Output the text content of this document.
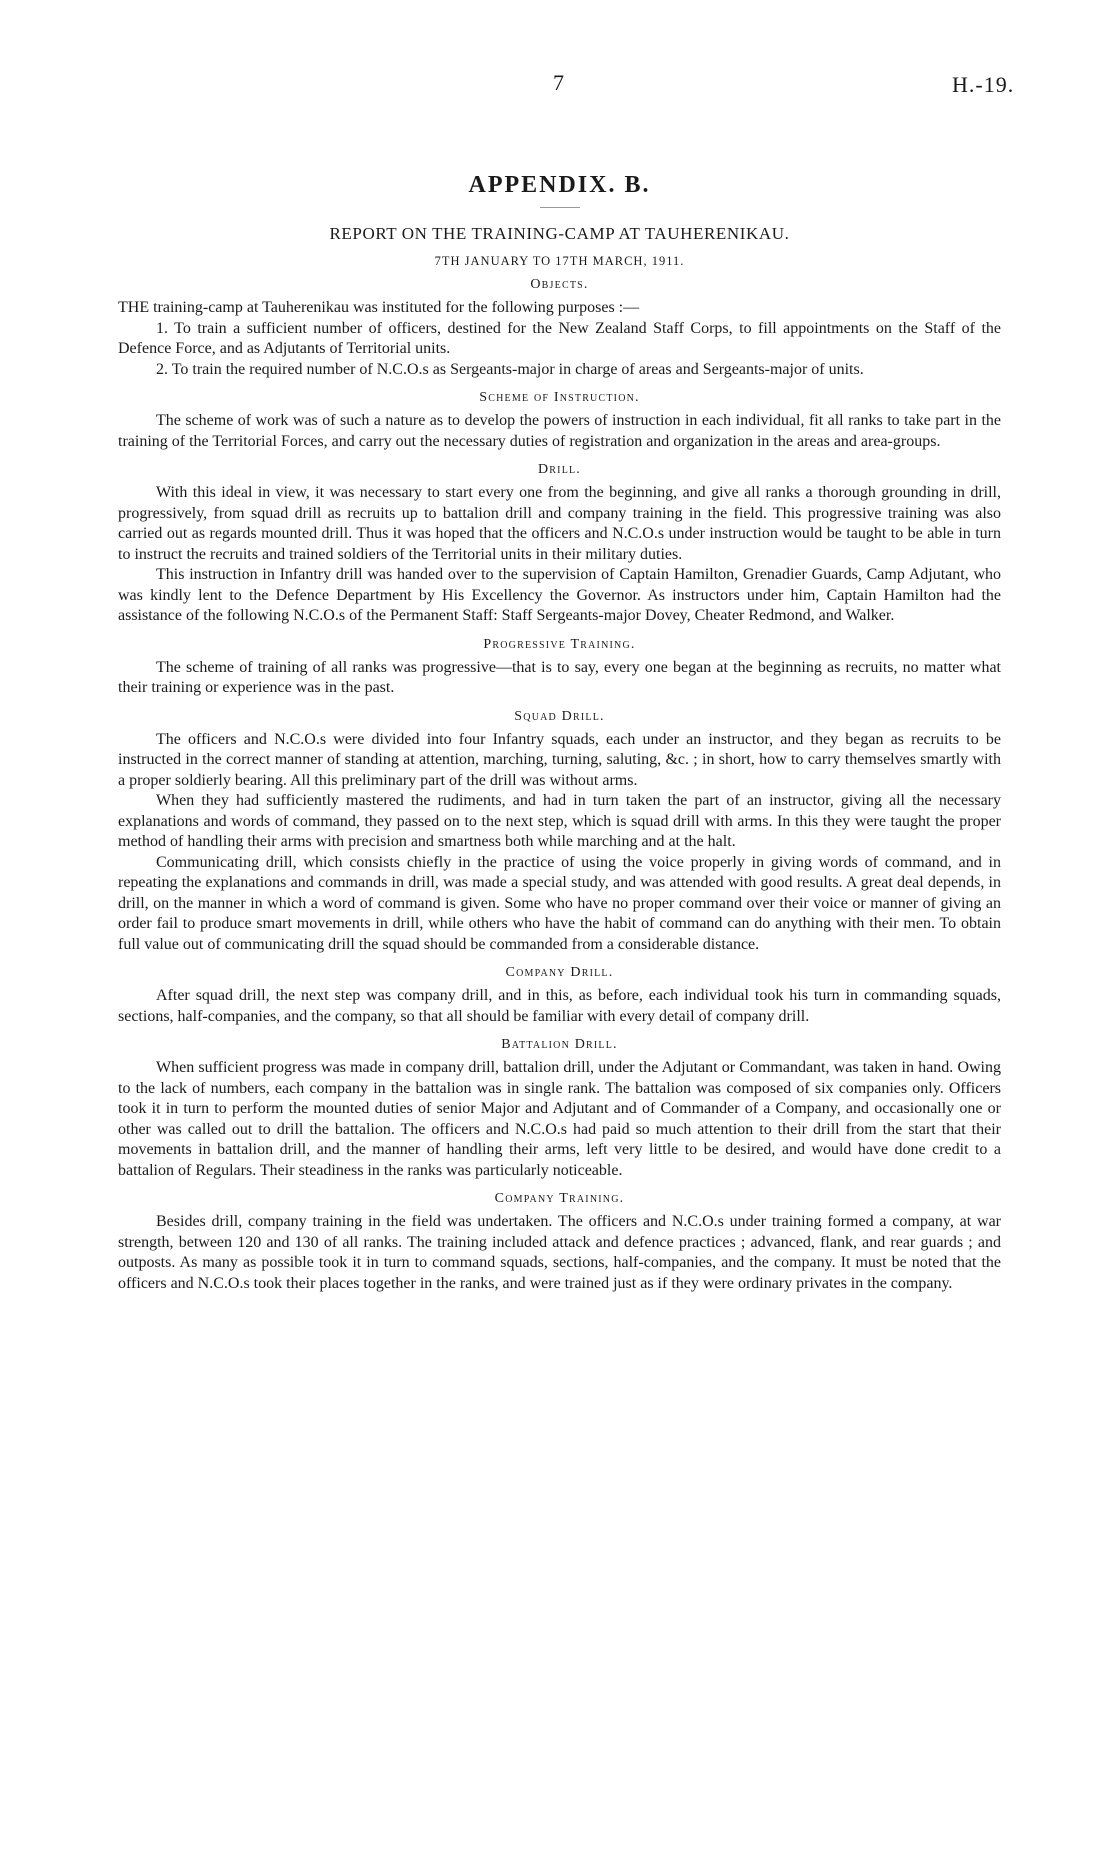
7	H.-19.
APPENDIX. B.
REPORT ON THE TRAINING-CAMP AT TAUHERENIKAU.
7TH JANUARY TO 17TH MARCH, 1911.
Objects.

THE training-camp at Tauherenikau was instituted for the following purposes :—

1. To train a sufficient number of officers, destined for the New Zealand Staff Corps, to fill appointments on the Staff of the Defence Force, and as Adjutants of Territorial units.

2. To train the required number of N.C.O.s as Sergeants-major in charge of areas and Sergeants-major of units.

Scheme of Instruction.

The scheme of work was of such a nature as to develop the powers of instruction in each individual, fit all ranks to take part in the training of the Territorial Forces, and carry out the necessary duties of registration and organization in the areas and area-groups.

Drill.

With this ideal in view, it was necessary to start every one from the beginning, and give all ranks a thorough grounding in drill, progressively, from squad drill as recruits up to battalion drill and company training in the field. This progressive training was also carried out as regards mounted drill. Thus it was hoped that the officers and N.C.O.s under instruction would be taught to be able in turn to instruct the recruits and trained soldiers of the Territorial units in their military duties.

This instruction in Infantry drill was handed over to the supervision of Captain Hamilton, Grenadier Guards, Camp Adjutant, who was kindly lent to the Defence Department by His Excellency the Governor. As instructors under him, Captain Hamilton had the assistance of the following N.C.O.s of the Permanent Staff: Staff Sergeants-major Dovey, Cheater Redmond, and Walker.

Progressive Training.

The scheme of training of all ranks was progressive—that is to say, every one began at the beginning as recruits, no matter what their training or experience was in the past.

Squad Drill.

The officers and N.C.O.s were divided into four Infantry squads, each under an instructor, and they began as recruits to be instructed in the correct manner of standing at attention, marching, turning, saluting, &c. ; in short, how to carry themselves smartly with a proper soldierly bearing. All this preliminary part of the drill was without arms.

When they had sufficiently mastered the rudiments, and had in turn taken the part of an instructor, giving all the necessary explanations and words of command, they passed on to the next step, which is squad drill with arms. In this they were taught the proper method of handling their arms with precision and smartness both while marching and at the halt.

Communicating drill, which consists chiefly in the practice of using the voice properly in giving words of command, and in repeating the explanations and commands in drill, was made a special study, and was attended with good results. A great deal depends, in drill, on the manner in which a word of command is given. Some who have no proper command over their voice or manner of giving an order fail to produce smart movements in drill, while others who have the habit of command can do anything with their men. To obtain full value out of communicating drill the squad should be commanded from a considerable distance.

Company Drill.

After squad drill, the next step was company drill, and in this, as before, each individual took his turn in commanding squads, sections, half-companies, and the company, so that all should be familiar with every detail of company drill.

Battalion Drill.

When sufficient progress was made in company drill, battalion drill, under the Adjutant or Commandant, was taken in hand. Owing to the lack of numbers, each company in the battalion was in single rank. The battalion was composed of six companies only. Officers took it in turn to perform the mounted duties of senior Major and Adjutant and of Commander of a Company, and occasionally one or other was called out to drill the battalion. The officers and N.C.O.s had paid so much attention to their drill from the start that their movements in battalion drill, and the manner of handling their arms, left very little to be desired, and would have done credit to a battalion of Regulars. Their steadiness in the ranks was particularly noticeable.

Company Training.

Besides drill, company training in the field was undertaken. The officers and N.C.O.s under training formed a company, at war strength, between 120 and 130 of all ranks. The training included attack and defence practices ; advanced, flank, and rear guards ; and outposts. As many as possible took it in turn to command squads, sections, half-companies, and the company. It must be noted that the officers and N.C.O.s took their places together in the ranks, and were trained just as if they were ordinary privates in the company.
